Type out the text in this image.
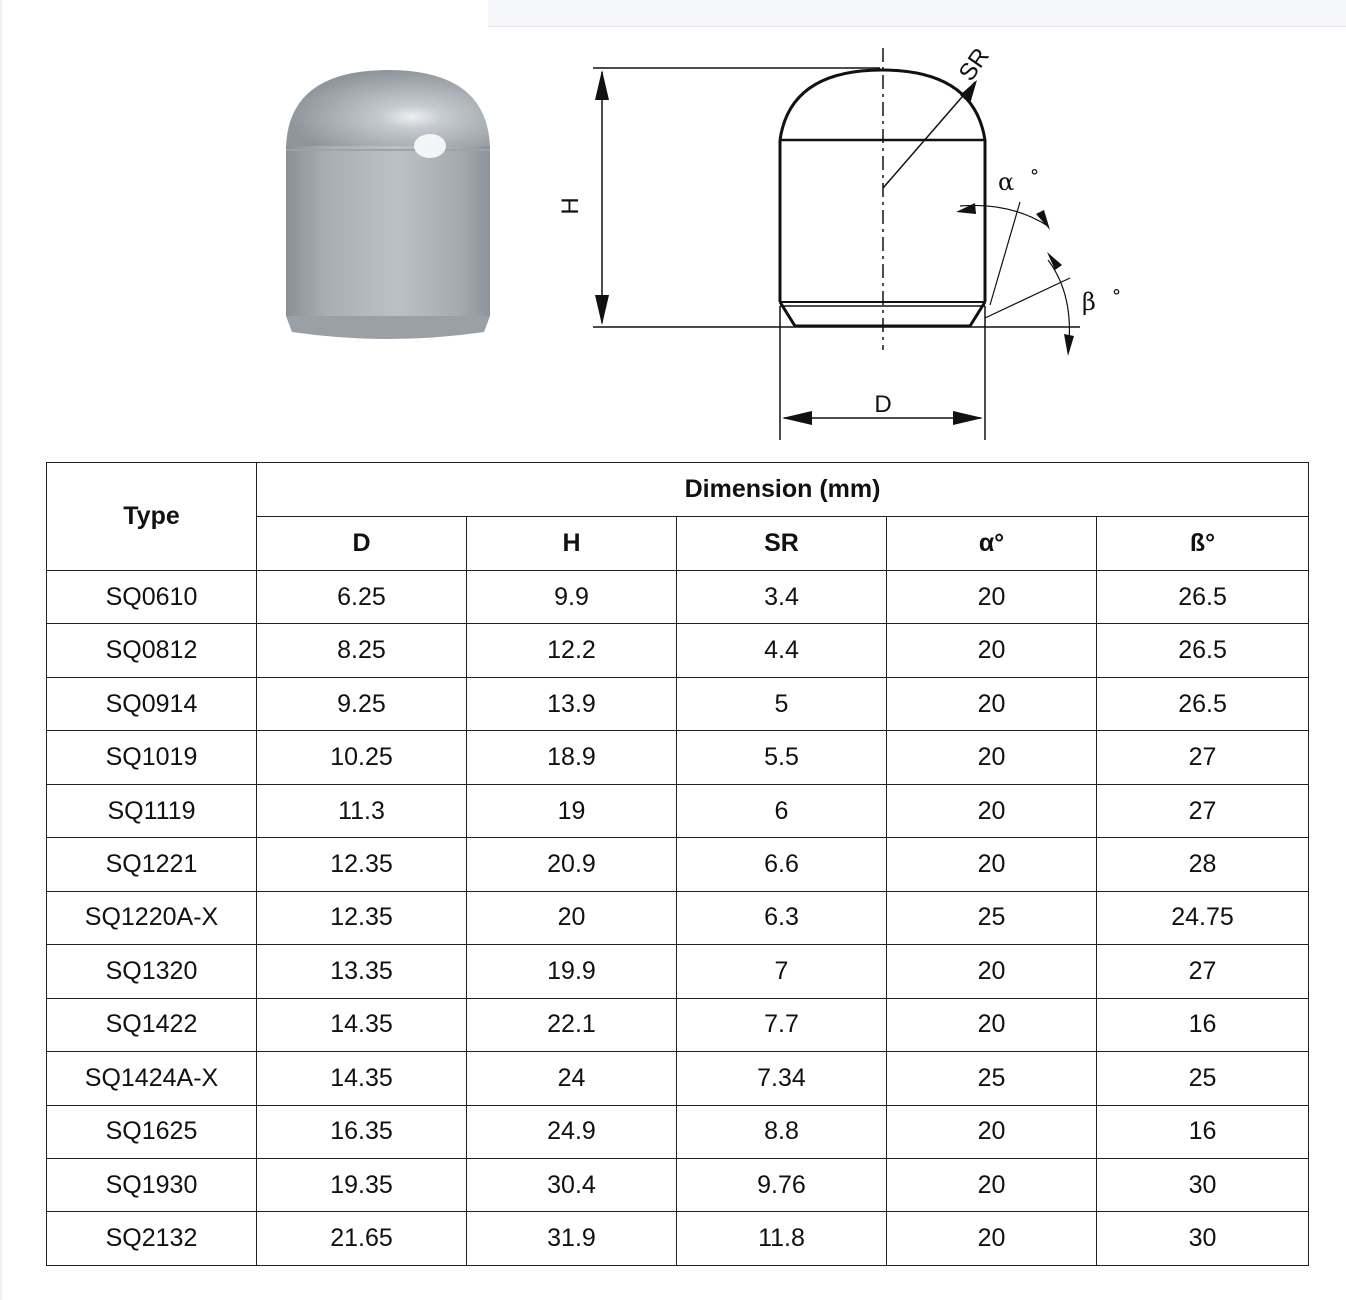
H
D
SR
α °
β °
Type	Dimension (mm)				
	D	H	SR	α°	ß°
SQ0610	6.25	9.9	3.4	20	26.5
SQ0812	8.25	12.2	4.4	20	26.5
SQ0914	9.25	13.9	5	20	26.5
SQ1019	10.25	18.9	5.5	20	27
SQ1119	11.3	19	6	20	27
SQ1221	12.35	20.9	6.6	20	28
SQ1220A-X	12.35	20	6.3	25	24.75
SQ1320	13.35	19.9	7	20	27
SQ1422	14.35	22.1	7.7	20	16
SQ1424A-X	14.35	24	7.34	25	25
SQ1625	16.35	24.9	8.8	20	16
SQ1930	19.35	30.4	9.76	20	30
SQ2132	21.65	31.9	11.8	20	30
